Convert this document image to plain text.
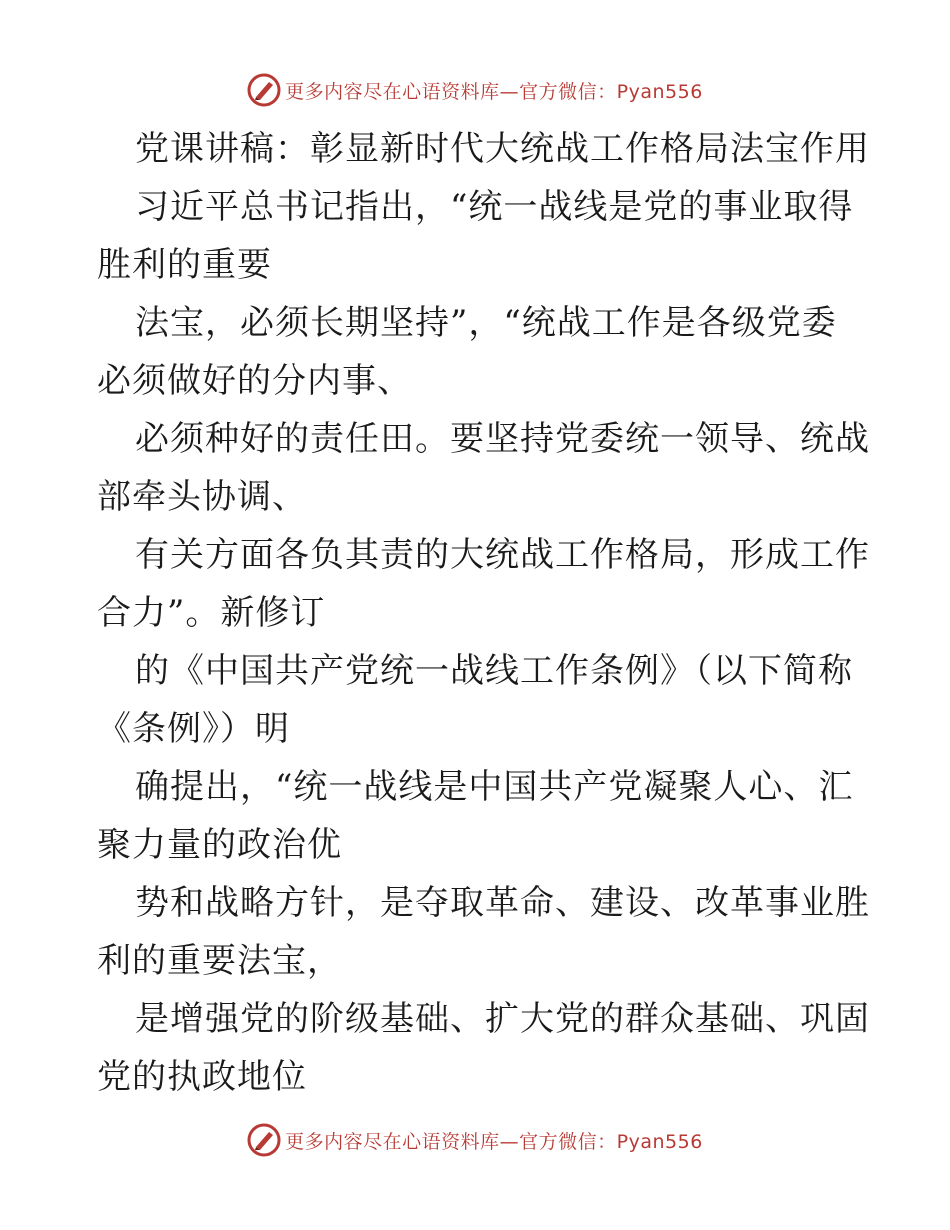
更多内容尽在心语资料库—官方微信：Pyan556
党课讲稿：彰显新时代大统战工作格局法宝作用
习近平总书记指出，“统一战线是党的事业取得
胜利的重要
法宝，必须长期坚持”，“统战工作是各级党委
必须做好的分内事、
必须种好的责任田。要坚持党委统一领导、统战
部牵头协调、
有关方面各负其责的大统战工作格局，形成工作
合力”。新修订
的《中国共产党统一战线工作条例》（以下简称
《条例》）明
确提出，“统一战线是中国共产党凝聚人心、汇
聚力量的政治优
势和战略方针，是夺取革命、建设、改革事业胜
利的重要法宝，
是增强党的阶级基础、扩大党的群众基础、巩固
党的执政地位
更多内容尽在心语资料库—官方微信：Pyan556
